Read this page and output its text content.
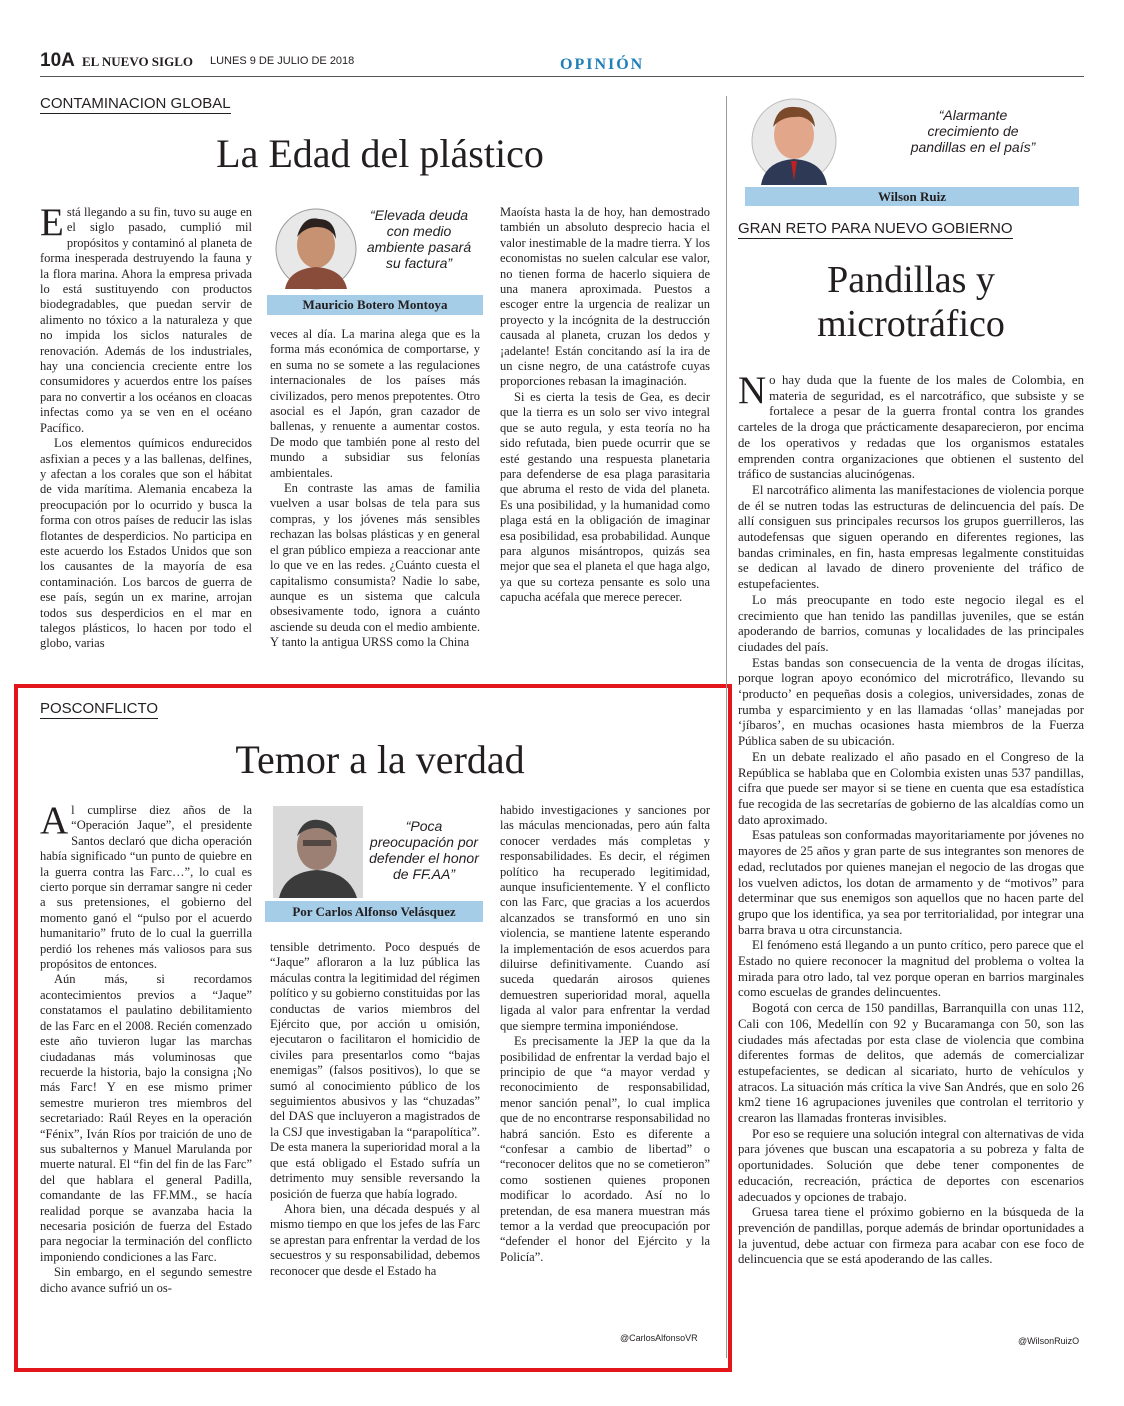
10A EL NUEVO SIGLO LUNES 9 DE JULIO DE 2018	OPINIÓN
CONTAMINACION GLOBAL
La Edad del plástico

Está llegando a su fin, tuvo su auge en el siglo pasado, cumplió mil propósitos y contaminó al planeta de forma inesperada destruyendo la fauna y la flora marina. Ahora la empresa privada lo está sustituyendo con productos biodegradables, que puedan servir de alimento no tóxico a la naturaleza y que no impida los siclos naturales de renovación. Además de los industriales, hay una conciencia creciente entre los consumidores y acuerdos entre los países para no convertir a los océanos en cloacas infectas como ya se ven en el océano Pacífico.

Los elementos químicos endurecidos asfixian a peces y a las ballenas, delfines, y afectan a los corales que son el hábitat de vida marítima. Alemania encabeza la preocupación por lo ocurrido y busca la forma con otros países de reducir las islas flotantes de desperdicios. No participa en este acuerdo los Estados Unidos que son los causantes de la mayoría de esa contaminación. Los barcos de guerra de ese país, según un ex marine, arrojan todos sus desperdicios en el mar en talegos plásticos, lo hacen por todo el globo, varias

“Elevada deuda con medio ambiente pasará su factura”
Mauricio Botero Montoya

veces al día. La marina alega que es la forma más económica de comportarse, y en suma no se somete a las regulaciones internacionales de los países más civilizados, pero menos prepotentes. Otro asocial es el Japón, gran cazador de ballenas, y renuente a aumentar costos. De modo que también pone al resto del mundo a subsidiar sus felonías ambientales.

En contraste las amas de familia vuelven a usar bolsas de tela para sus compras, y los jóvenes más sensibles rechazan las bolsas plásticas y en general el gran público empieza a reaccionar ante lo que ve en las redes. ¿Cuánto cuesta el capitalismo consumista? Nadie lo sabe, aunque es un sistema que calcula obsesivamente todo, ignora a cuánto asciende su deuda con el medio ambiente. Y tanto la antigua URSS como la China

Maoísta hasta la de hoy, han demostrado también un absoluto desprecio hacia el valor inestimable de la madre tierra. Y los economistas no suelen calcular ese valor, no tienen forma de hacerlo siquiera de una manera aproximada. Puestos a escoger entre la urgencia de realizar un proyecto y la incógnita de la destrucción causada al planeta, cruzan los dedos y ¡adelante! Están concitando así la ira de un cisne negro, de una catástrofe cuyas proporciones rebasan la imaginación.

Si es cierta la tesis de Gea, es decir que la tierra es un solo ser vivo integral que se auto regula, y esta teoría no ha sido refutada, bien puede ocurrir que se esté gestando una respuesta planetaria para defenderse de esa plaga parasitaria que abruma el resto de vida del planeta. Es una posibilidad, y la humanidad como plaga está en la obligación de imaginar esa posibilidad, esa probabilidad. Aunque para algunos misántropos, quizás sea mejor que sea el planeta el que haga algo, ya que su corteza pensante es solo una capucha acéfala que merece perecer.

POSCONFLICTO
Temor a la verdad

Al cumplirse diez años de la “Operación Jaque”, el presidente Santos declaró que dicha operación había significado “un punto de quiebre en la guerra contra las Farc…”, lo cual es cierto porque sin derramar sangre ni ceder a sus pretensiones, el gobierno del momento ganó el “pulso por el acuerdo humanitario” fruto de lo cual la guerrilla perdió los rehenes más valiosos para sus propósitos de entonces.

Aún más, si recordamos acontecimientos previos a “Jaque” constatamos el paulatino debilitamiento de las Farc en el 2008. Recién comenzado este año tuvieron lugar las marchas ciudadanas más voluminosas que recuerde la historia, bajo la consigna ¡No más Farc! Y en ese mismo primer semestre murieron tres miembros del secretariado: Raúl Reyes en la operación “Fénix”, Iván Ríos por traición de uno de sus subalternos y Manuel Marulanda por muerte natural. El “fin del fin de las Farc” del que hablara el general Padilla, comandante de las FF.MM., se hacía realidad porque se avanzaba hacia la necesaria posición de fuerza del Estado para negociar la terminación del conflicto imponiendo condiciones a las Farc.

Sin embargo, en el segundo semestre dicho avance sufrió un os-

“Poca preocupación por defender el honor de FF.AA”
Por Carlos Alfonso Velásquez

tensible detrimento. Poco después de “Jaque” afloraron a la luz pública las máculas contra la legitimidad del régimen político y su gobierno constituidas por las conductas de varios miembros del Ejército que, por acción u omisión, ejecutaron o facilitaron el homicidio de civiles para presentarlos como “bajas enemigas” (falsos positivos), lo que se sumó al conocimiento público de los seguimientos abusivos y las “chuzadas” del DAS que incluyeron a magistrados de la CSJ que investigaban la “parapolítica”. De esta manera la superioridad moral a la que está obligado el Estado sufría un detrimento muy sensible reversando la posición de fuerza que había logrado.

Ahora bien, una década después y al mismo tiempo en que los jefes de las Farc se aprestan para enfrentar la verdad de los secuestros y su responsabilidad, debemos reconocer que desde el Estado ha

habido investigaciones y sanciones por las máculas mencionadas, pero aún falta conocer verdades más completas y responsabilidades. Es decir, el régimen político ha recuperado legitimidad, aunque insuficientemente. Y el conflicto con las Farc, que gracias a los acuerdos alcanzados se transformó en uno sin violencia, se mantiene latente esperando la implementación de esos acuerdos para diluirse definitivamente. Cuando así suceda quedarán airosos quienes demuestren superioridad moral, aquella ligada al valor para enfrentar la verdad que siempre termina imponiéndose.

Es precisamente la JEP la que da la posibilidad de enfrentar la verdad bajo el principio de que “a mayor verdad y reconocimiento de responsabilidad, menor sanción penal”, lo cual implica que de no encontrarse responsabilidad no habrá sanción. Esto es diferente a “confesar a cambio de libertad” o “reconocer delitos que no se cometieron” como sostienen quienes proponen modificar lo acordado. Así no lo pretendan, de esa manera muestran más temor a la verdad que preocupación por “defender el honor del Ejército y la Policía”.

@CarlosAlfonsoVR
“Alarmante crecimiento de pandillas en el país”
Wilson Ruiz
GRAN RETO PARA NUEVO GOBIERNO
Pandillas y
microtráfico

No hay duda que la fuente de los males de Colombia, en materia de seguridad, es el narcotráfico, que subsiste y se fortalece a pesar de la guerra frontal contra los grandes carteles de la droga que prácticamente desaparecieron, por encima de los operativos y redadas que los organismos estatales emprenden contra organizaciones que obtienen el sustento del tráfico de sustancias alucinógenas.

El narcotráfico alimenta las manifestaciones de violencia porque de él se nutren todas las estructuras de delincuencia del país. De allí consiguen sus principales recursos los grupos guerrilleros, las autodefensas que siguen operando en diferentes regiones, las bandas criminales, en fin, hasta empresas legalmente constituidas se dedican al lavado de dinero proveniente del tráfico de estupefacientes.

Lo más preocupante en todo este negocio ilegal es el crecimiento que han tenido las pandillas juveniles, que se están apoderando de barrios, comunas y localidades de las principales ciudades del país.

Estas bandas son consecuencia de la venta de drogas ilícitas, porque logran apoyo económico del microtráfico, llevando su ‘producto’ en pequeñas dosis a colegios, universidades, zonas de rumba y esparcimiento y en las llamadas ‘ollas’ manejadas por ‘jíbaros’, en muchas ocasiones hasta miembros de la Fuerza Pública saben de su ubicación.

En un debate realizado el año pasado en el Congreso de la República se hablaba que en Colombia existen unas 537 pandillas, cifra que puede ser mayor si se tiene en cuenta que esa estadística fue recogida de las secretarías de gobierno de las alcaldías como un dato aproximado.

Esas patuleas son conformadas mayoritariamente por jóvenes no mayores de 25 años y gran parte de sus integrantes son menores de edad, reclutados por quienes manejan el negocio de las drogas que los vuelven adictos, los dotan de armamento y de “motivos” para determinar que sus enemigos son aquellos que no hacen parte del grupo que los identifica, ya sea por territorialidad, por integrar una barra brava u otra circunstancia.

El fenómeno está llegando a un punto crítico, pero parece que el Estado no quiere reconocer la magnitud del problema o voltea la mirada para otro lado, tal vez porque operan en barrios marginales como escuelas de grandes delincuentes.

Bogotá con cerca de 150 pandillas, Barranquilla con unas 112, Cali con 106, Medellín con 92 y Bucaramanga con 50, son las ciudades más afectadas por esta clase de violencia que combina diferentes formas de delitos, que además de comercializar estupefacientes, se dedican al sicariato, hurto de vehículos y atracos. La situación más crítica la vive San Andrés, que en solo 26 km2 tiene 16 agrupaciones juveniles que controlan el territorio y crearon las llamadas fronteras invisibles.

Por eso se requiere una solución integral con alternativas de vida para jóvenes que buscan una escapatoria a su pobreza y falta de oportunidades. Solución que debe tener componentes de educación, recreación, práctica de deportes con escenarios adecuados y opciones de trabajo.

Gruesa tarea tiene el próximo gobierno en la búsqueda de la prevención de pandillas, porque además de brindar oportunidades a la juventud, debe actuar con firmeza para acabar con ese foco de delincuencia que se está apoderando de las calles.

@WilsonRuizO
